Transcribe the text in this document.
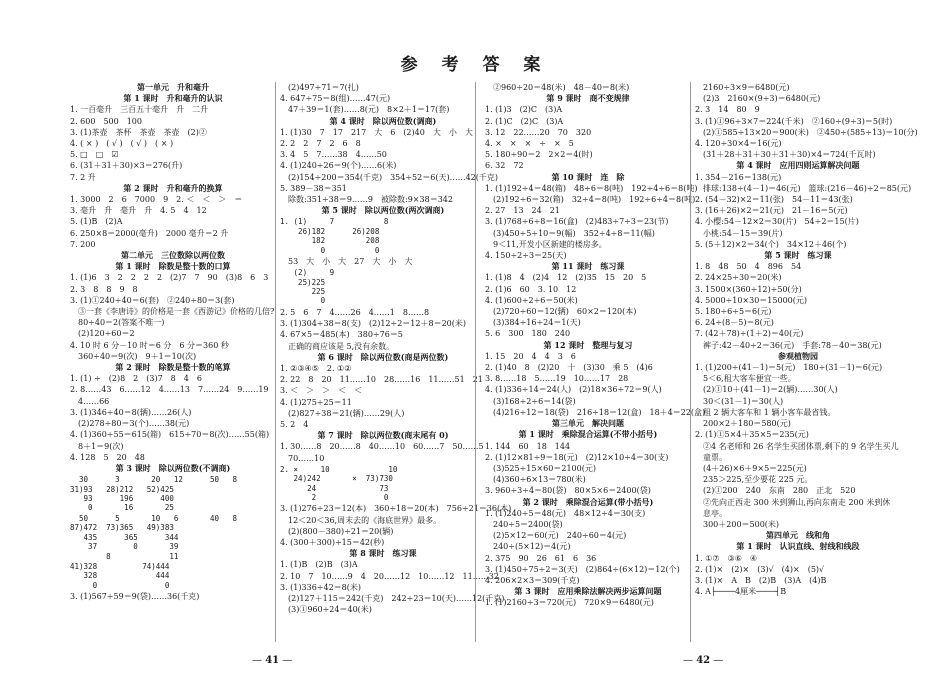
参 考 答 案
第一单元　升和毫升
第 1 课时　升和毫升的认识
1. 一百毫升　三百五十毫升　升　二升
2. 600　500　100
3. (1)茶壶　茶杯　茶壶　茶壶　(2)②
4. ( × )　( √ )　( √ )　( × )
5. □　□　☑
6. (31＋31＋30)×3＝276(升)
7. 2 升
第 2 课时　升和毫升的换算
1. 3000　2　6　7000　9　2. ＜　＜　＞　＝
3. 毫升　升　毫升　升　4. 5　4　12
5. (1)B　(2)A
6. 250×8＝2000(毫升)　2000 毫升＝2 升
7. 200
第二单元　三位数除以两位数
第 1 课时　除数是整十数的口算
1. (1)6　3　2　2　2　2　(2)7　7　90　(3)8　6　3
2. 3　8　8　9　8
3. (1)①240÷40＝6(套)　②240÷80＝3(套)
　③一套《李唐诗》的价格是一套《西游记》价格的几倍?
　80÷40＝2(答案不唯一)
　(2)120÷60＝2
4. 10 时 6 分－10 时＝6 分　6 分＝360 秒
　360÷40＝9(次)　9＋1＝10(次)
第 2 课时　除数是整十数的笔算
1. (1) ÷　(2)8　2　(3)7　8　4　6
2. 8……43　6……12　4……13　7……24　9……19
　4……66
3. (1)346÷40＝8(辆)……26(人)
　(2)278÷80＝3(个)……38(元)
4. (1)360÷55＝615(箱)　615÷70＝8(次)……55(箱)
　8＋1＝9(次)
4. 128　5　20　48
第 3 课时　除以两位数(不调商)
30      3       20   12      50   8
31)93   28)212   52)425
93      196      400
0       16       25
50      5       10   6       40   8
87)472  73)365   49)383
435      365      344
37        0       39
8             11
41)328          74)444
328             444
0               0
3. (1)567÷59＝9(袋)……36(千克)
　(2)497÷71＝7(扎)
4. 647÷75＝8(组)……47(元)
　47＋39＝1(套)……8(元)　8×2＋1＝17(套)
第 4 课时　除以两位数(调商)
1. (1)30　7　17　217　大　6　(2)40　大　小　大
2. 2　2　7　2　6　8
3. 4　5　7……38　4……50
4. (1)240÷26＝9(个)……6(米)
　(2)154÷200＝354(千克)　354÷52＝6(天)……42(千克)
5. 389－38＝351
　除数:351÷38＝9……9　被除数:9×38＝342
第 5 课时　除以两位数(两次调商)
1. (1)     7           8
26)182      26)208
182         208
0           0
　53　大　小　大　27　大　小　大
(2)     9
25)225
225
0
2. 5　6　7　4……26　4……1　8……8
3. (1)304÷38＝8(支)　(2)12÷2＝12＋8＝20(米)
4. 67×5＝485(本)　380÷76＝5
　正确的商应该是 5,没有余数。
第 6 课时　除以两位数(商是两位数)
1. ②③④⑤　2. ①②
2. 22　8　20　11……10　28……16　11……51　21
3. ＜　＞　＞　＜　＜
4. (1)275÷25＝11
　(2)827÷38＝21(辆)……29(人)
5. 2　4
第 7 课时　除以两位数(商末尾有 0)
1. 30……8　20……8　40……10　60……7　50……5
　70……10
2. ×     10             10
24)242       ×  73)730
24              73
2               0
3. (1)276÷23＝12(本)　360÷18＝20(本)　756÷21＝36(本)
　12＜20＜36,周末去的《海底世界》最多。
　(2)(800－380)÷21＝20(辆)
4. (300＋300)÷15＝42(秒)
第 8 课时　练习课
1. (1)B　(2)B　(3)A
2. 10　7　10……9　4　20……12　10……12　11……32
3. (1)336÷42＝8(米)
　(2)127＋115＝242(千克)　242÷23＝10(天)……12(千克)
　(3)①960÷24＝40(米)
　②960÷20＝48(米)　48－40＝8(米)
第 9 课时　商不变规律
1. (1)3　(2)C　(3)A
2. (1)C　(2)C　(3)A
3. 12　22……20　70　320
4. ×　×　×　÷　×　5
5. 180÷90＝2　2×2＝4(时)
6. 32　72
第 10 课时　连　除
1. (1)192÷4＝48(箱)　48÷6＝8(吨)　192÷4÷6＝8(吨)
　(2)192÷6＝32(箱)　32÷4＝8(吨)　192÷6÷4＝8(吨)
2. 27　13　24　21
3. (1)768÷6÷8＝16(盒)　(2)483÷7÷3＝23(节)
　(3)450÷5÷10＝9(幅)　352÷4÷8＝11(幅)
　9＜11,开发小区新建的楼房多。
4. 150÷2÷3＝25(天)
第 11 课时　练习课
1. (1)8　4　(2)4　12　(2)35　15　20　5
2. (1)6　60　3. 10　12
4. (1)600÷2÷6＝50(米)
　(2)720÷60＝12(辆)　60×2＝120(本)
　(3)384÷16÷24＝1(天)
5. 6　300　180　240
第 12 课时　整理与复习
1. 15　20　4　4　3　6
2. (1)40　8　(2)20　十　(3)30　乘 5　(4)6
3. 8……18　5……19　10……17　28
4. (1)336÷14＝24(人)　(2)18×36÷72＝9(人)
　(3)168÷2÷6＝14(袋)
　(4)216÷12＝18(袋)　216÷18＝12(盒)　18＋4＝22(盒)
第三单元　解决问题
第 1 课时　乘除混合运算(不带小括号)
1. 144　60　18　144
2. (1)12×81÷9＝18(元)　(2)12×10÷4＝30(支)
　(3)525÷15×60＝2100(元)
　(4)360÷6×13＝780(米)
3. 960÷3÷4＝80(袋)　80×5×6＝2400(袋)
第 2 课时　乘除混合运算(带小括号)
1. (1)240÷5＝48(元)　48×12÷4＝30(支)
　240÷5＝2400(袋)
　(2)5×12＝60(元)　240÷60＝4(元)
　240÷(5×12)＝4(元)
2. 375　90　26　61　6　36
3. (1)450÷75÷2＝3(天)　(2)864÷(6×12)＝12(个)
4. 206×2×3＝309(千克)
第 3 课时　应用乘除法解决两步运算问题
1. (1)2160÷3＝720(元)　720×9＝6480(元)
　2160÷3×9＝6480(元)
　(2)3　2160×(9÷3)＝6480(元)
2. 3　14　80　9
3. (1)①96÷3×7＝224(千米)　②160÷(9÷3)＝5(时)
　(2)①585÷13×20＝900(米)　②450÷(585÷13)＝10(分)
4. 120÷30×4＝16(元)
　(31＋28＋31＋30＋31＋30)×4＝724(千瓦时)
第 4 课时　应用四则运算解决问题
1. 354－216＝138(元)
　排球:138÷(4－1)＝46(元)　篮球:(216－46)÷2＝85(元)
2. (54－32)×2＝11(张)　54－11＝43(张)
3. (16＋26)×2＝21(元)　21－16＝5(元)
4. 小樱:54－12×2＝30(片)　54÷2＝15(片)
　小桃:54－15＝39(片)
5. (5＋12)×2＝34(个)　34×12＋46(个)
第 5 课时　练习课
1. 8　48　50　4　896　54
2. 24×25÷30＝20(米)
3. 1500×(360÷12)÷50(分)
4. 5000÷10×30＝15000(元)
5. 180÷6÷5＝6(元)
6. 24÷(8－5)＝8(元)
7. (42＋78)÷(1＋2)＝40(元)
　裤子:42－40÷2＝36(元)　手套:78－40＝38(元)
参观植物园
1. (1)200÷(41－1)＝5(元)　180÷(31－1)＝6(元)
　5＜6,租大客车便宜一些。
　(2)①10＋(41－1)＝2(辆)……30(人)
　30＜(31－1)＝30(人)
　租 2 辆大客车和 1 辆小客车最省钱。
　200×2＋180＝580(元)
2. (1)①5×4＋35×5＝235(元)
　②4 名老师和 26 名学生买团体票,剩下的 9 名学生买儿
　童票。
　(4＋26)×6＋9×5＝225(元)
　235＞225,至少要花 225 元。
　(2)①200　240　东南　280　正北　520
　②先向正西走 300 米到狮山,再向东南走 200 米到休
　息亭。
　300＋200＝500(米)
第四单元　线和角
第 1 课时　认识直线、射线和线段
1. ①⑦　③⑥　④
2. (1)×　(2)×　(3)√　(4)×　(5)√
3. (1)×　A　B　(2)B　(3)A　(4)B
4. A├────4厘米────┤B
— 41 —	— 42 —
